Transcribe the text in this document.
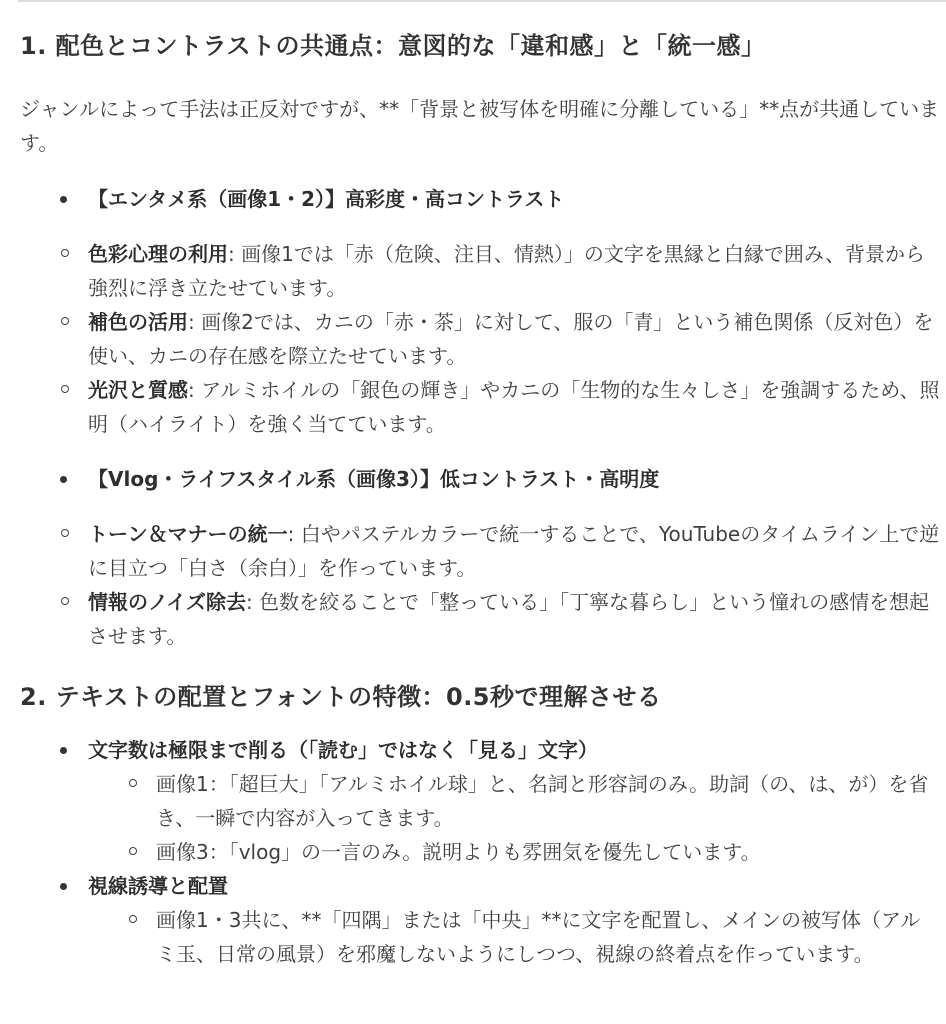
1. 配色とコントラストの共通点：意図的な「違和感」と「統一感」

ジャンルによって手法は正反対ですが、**「背景と被写体を明確に分離している」**点が共通しています。

【エンタメ系（画像1・2）】高彩度・高コントラスト
色彩心理の利用: 画像1では「赤（危険、注目、情熱）」の文字を黒縁と白縁で囲み、背景から強烈に浮き立たせています。
補色の活用: 画像2では、カニの「赤・茶」に対して、服の「青」という補色関係（反対色）を使い、カニの存在感を際立たせています。
光沢と質感: アルミホイルの「銀色の輝き」やカニの「生物的な生々しさ」を強調するため、照明（ハイライト）を強く当てています。
【Vlog・ライフスタイル系（画像3）】低コントラスト・高明度
トーン＆マナーの統一: 白やパステルカラーで統一することで、YouTubeのタイムライン上で逆に目立つ「白さ（余白）」を作っています。
情報のノイズ除去: 色数を絞ることで「整っている」「丁寧な暮らし」という憧れの感情を想起させます。
2. テキストの配置とフォントの特徴：0.5秒で理解させる
文字数は極限まで削る（「読む」ではなく「見る」文字）
画像1：「超巨大」「アルミホイル球」と、名詞と形容詞のみ。助詞（の、は、が）を省き、一瞬で内容が入ってきます。
画像3：「vlog」の一言のみ。説明よりも雰囲気を優先しています。
視線誘導と配置
画像1・3共に、**「四隅」または「中央」**に文字を配置し、メインの被写体（アルミ玉、日常の風景）を邪魔しないようにしつつ、視線の終着点を作っています。
